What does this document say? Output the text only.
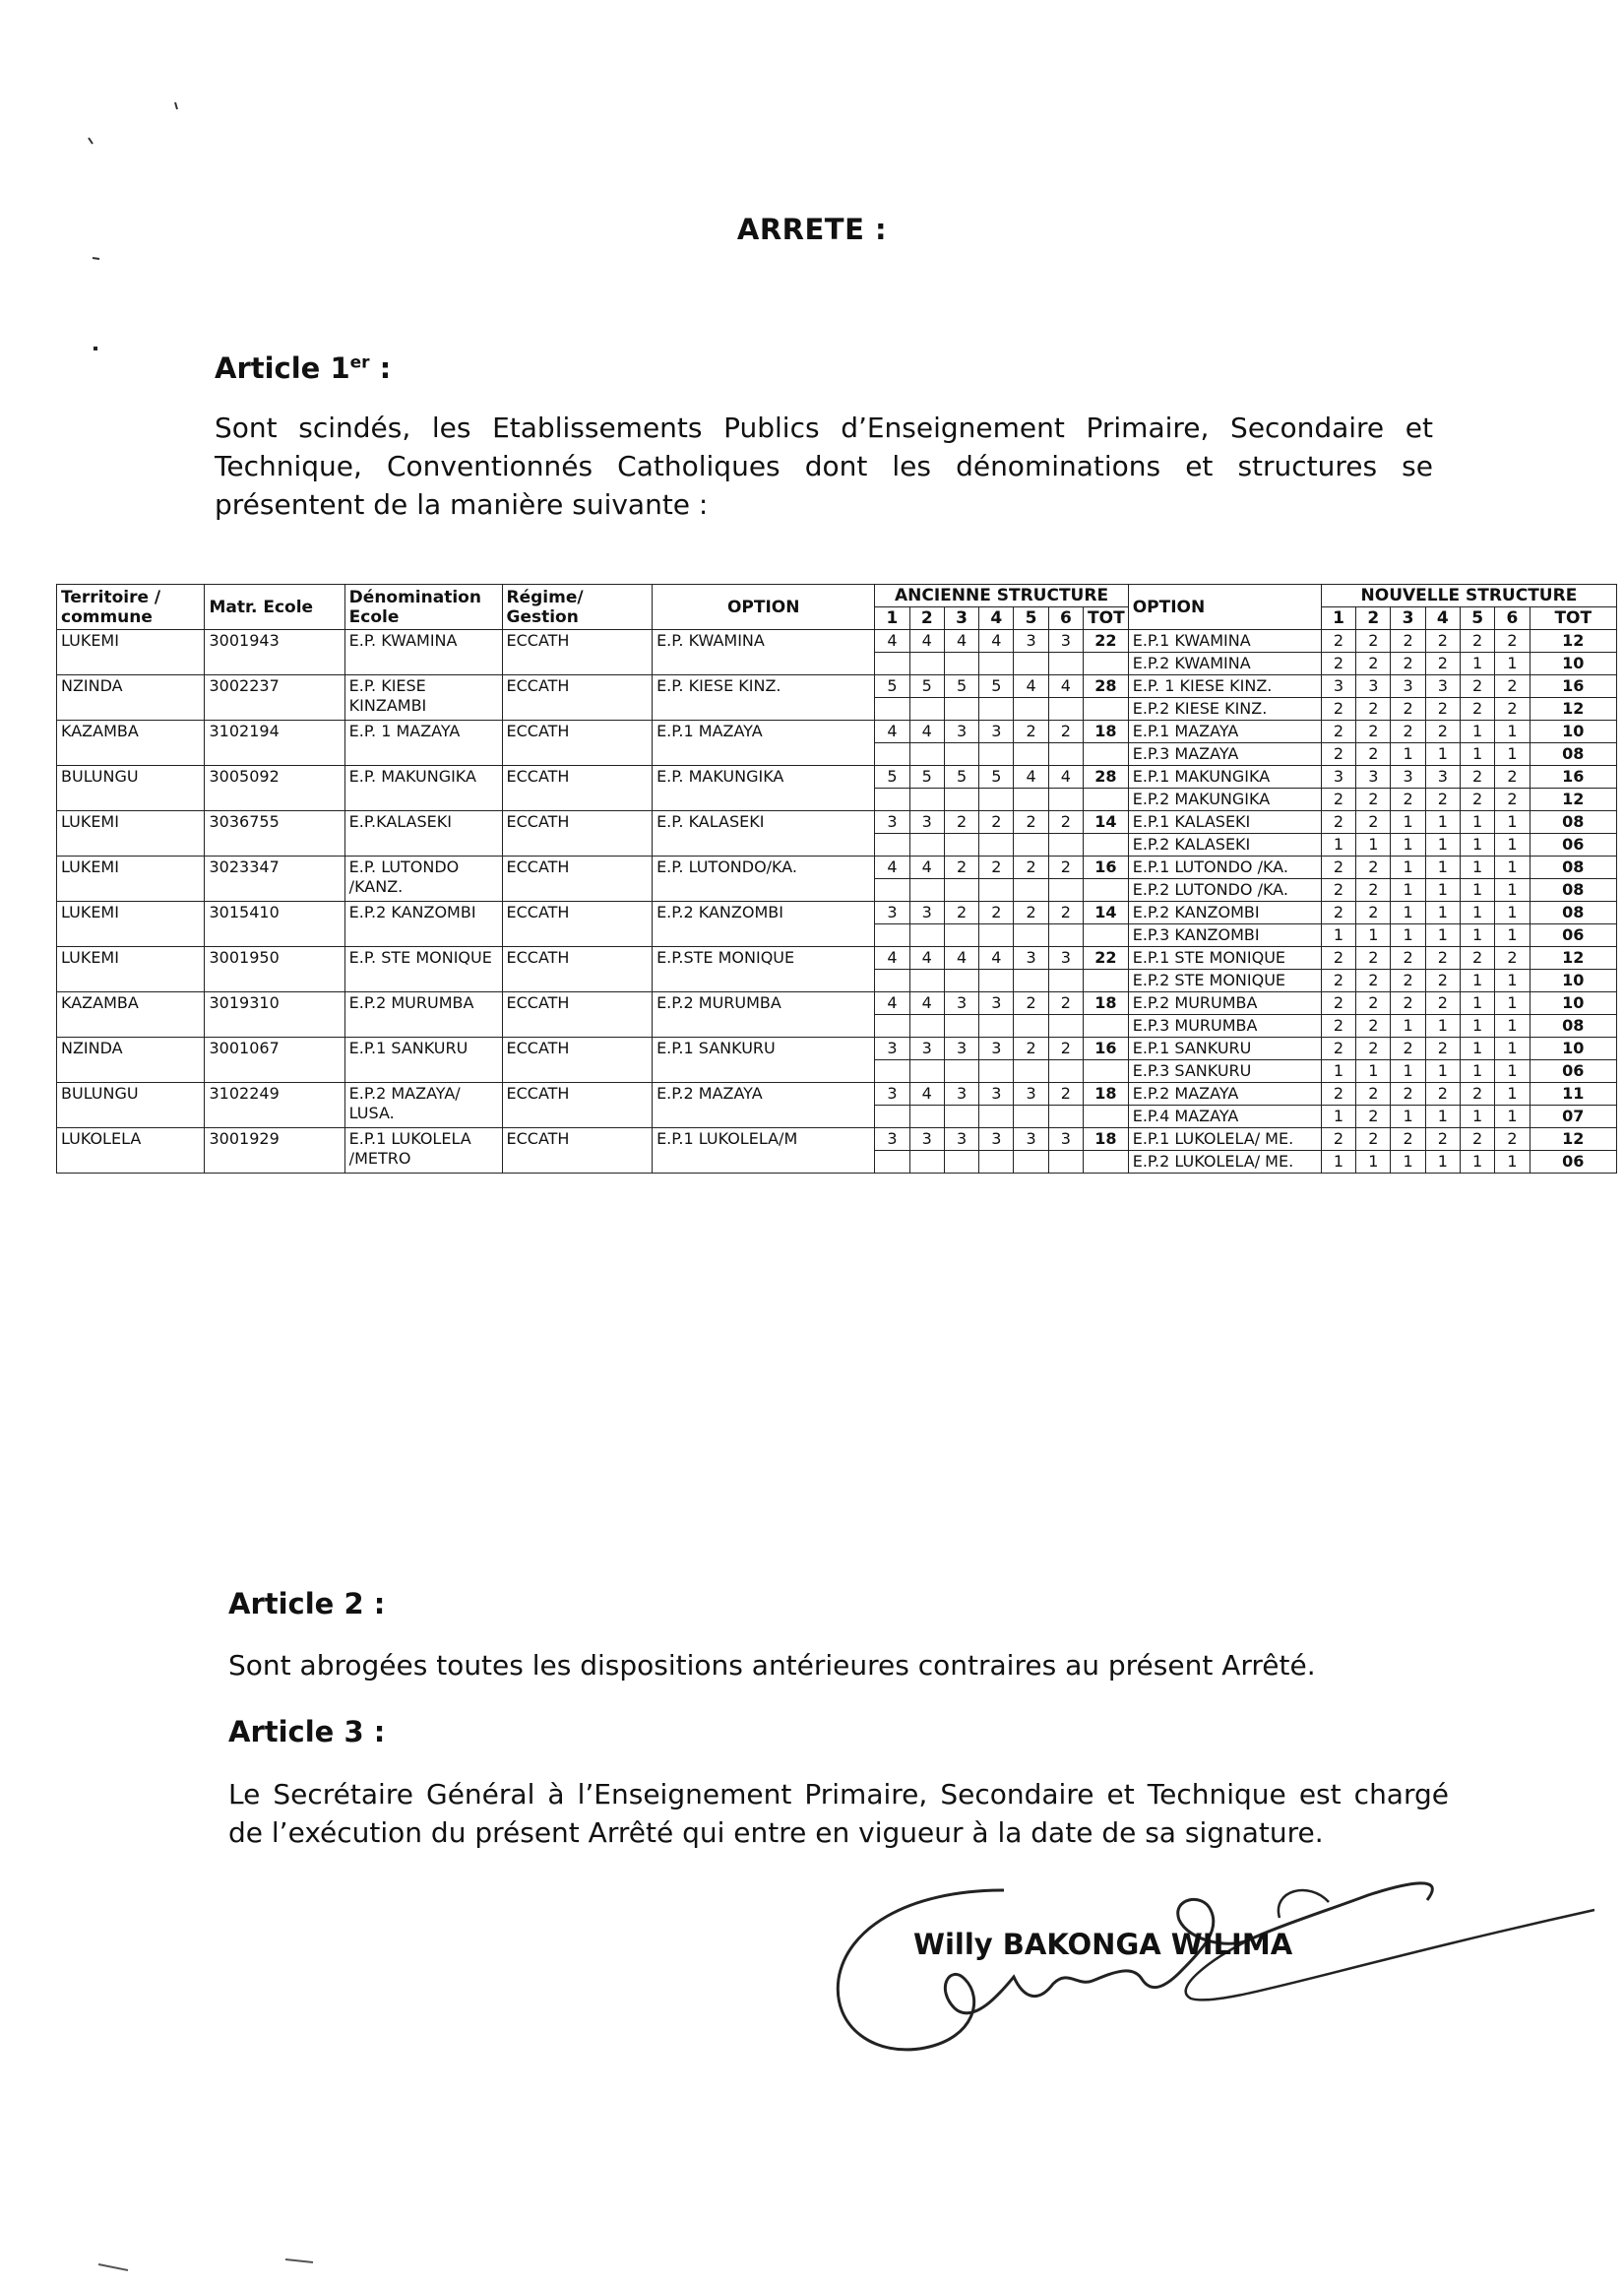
ARRETE :
Article 1er :
Sont scindés, les Etablissements Publics d’Enseignement Primaire, Secondaire et Technique, Conventionnés Catholiques dont les dénominations et structures se présentent de la manière suivante :
Territoire / commune	Matr. Ecole	Dénomination Ecole	Régime/ Gestion	OPTION	ANCIENNE STRUCTURE							OPTION	NOUVELLE STRUCTURE						
					1	2	3	4	5	6	TOT		1	2	3	4	5	6	TOT
LUKEMI	3001943	E.P. KWAMINA	ECCATH	E.P. KWAMINA	4	4	4	4	3	3	22	E.P.1 KWAMINA	2	2	2	2	2	2	12
												E.P.2 KWAMINA	2	2	2	2	1	1	10
NZINDA	3002237	E.P. KIESE KINZAMBI	ECCATH	E.P. KIESE KINZ.	5	5	5	5	4	4	28	E.P. 1 KIESE KINZ.	3	3	3	3	2	2	16
												E.P.2 KIESE KINZ.	2	2	2	2	2	2	12
KAZAMBA	3102194	E.P. 1 MAZAYA	ECCATH	E.P.1 MAZAYA	4	4	3	3	2	2	18	E.P.1 MAZAYA	2	2	2	2	1	1	10
												E.P.3 MAZAYA	2	2	1	1	1	1	08
BULUNGU	3005092	E.P. MAKUNGIKA	ECCATH	E.P. MAKUNGIKA	5	5	5	5	4	4	28	E.P.1 MAKUNGIKA	3	3	3	3	2	2	16
												E.P.2 MAKUNGIKA	2	2	2	2	2	2	12
LUKEMI	3036755	E.P.KALASEKI	ECCATH	E.P. KALASEKI	3	3	2	2	2	2	14	E.P.1 KALASEKI	2	2	1	1	1	1	08
												E.P.2 KALASEKI	1	1	1	1	1	1	06
LUKEMI	3023347	E.P. LUTONDO /KANZ.	ECCATH	E.P. LUTONDO/KA.	4	4	2	2	2	2	16	E.P.1 LUTONDO /KA.	2	2	1	1	1	1	08
												E.P.2 LUTONDO /KA.	2	2	1	1	1	1	08
LUKEMI	3015410	E.P.2 KANZOMBI	ECCATH	E.P.2 KANZOMBI	3	3	2	2	2	2	14	E.P.2 KANZOMBI	2	2	1	1	1	1	08
												E.P.3 KANZOMBI	1	1	1	1	1	1	06
LUKEMI	3001950	E.P. STE MONIQUE	ECCATH	E.P.STE MONIQUE	4	4	4	4	3	3	22	E.P.1 STE MONIQUE	2	2	2	2	2	2	12
												E.P.2 STE MONIQUE	2	2	2	2	1	1	10
KAZAMBA	3019310	E.P.2 MURUMBA	ECCATH	E.P.2 MURUMBA	4	4	3	3	2	2	18	E.P.2 MURUMBA	2	2	2	2	1	1	10
												E.P.3 MURUMBA	2	2	1	1	1	1	08
NZINDA	3001067	E.P.1 SANKURU	ECCATH	E.P.1 SANKURU	3	3	3	3	2	2	16	E.P.1 SANKURU	2	2	2	2	1	1	10
												E.P.3 SANKURU	1	1	1	1	1	1	06
BULUNGU	3102249	E.P.2 MAZAYA/ LUSA.	ECCATH	E.P.2 MAZAYA	3	4	3	3	3	2	18	E.P.2 MAZAYA	2	2	2	2	2	1	11
												E.P.4 MAZAYA	1	2	1	1	1	1	07
LUKOLELA	3001929	E.P.1 LUKOLELA /METRO	ECCATH	E.P.1 LUKOLELA/M	3	3	3	3	3	3	18	E.P.1 LUKOLELA/ ME.	2	2	2	2	2	2	12
												E.P.2 LUKOLELA/ ME.	1	1	1	1	1	1	06
Article 2 :
Sont abrogées toutes les dispositions antérieures contraires au présent Arrêté.
Article 3 :
Le Secrétaire Général à l’Enseignement Primaire, Secondaire et Technique est chargé de l’exécution du présent Arrêté qui entre en vigueur à la date de sa signature.
Willy BAKONGA WILIMA
